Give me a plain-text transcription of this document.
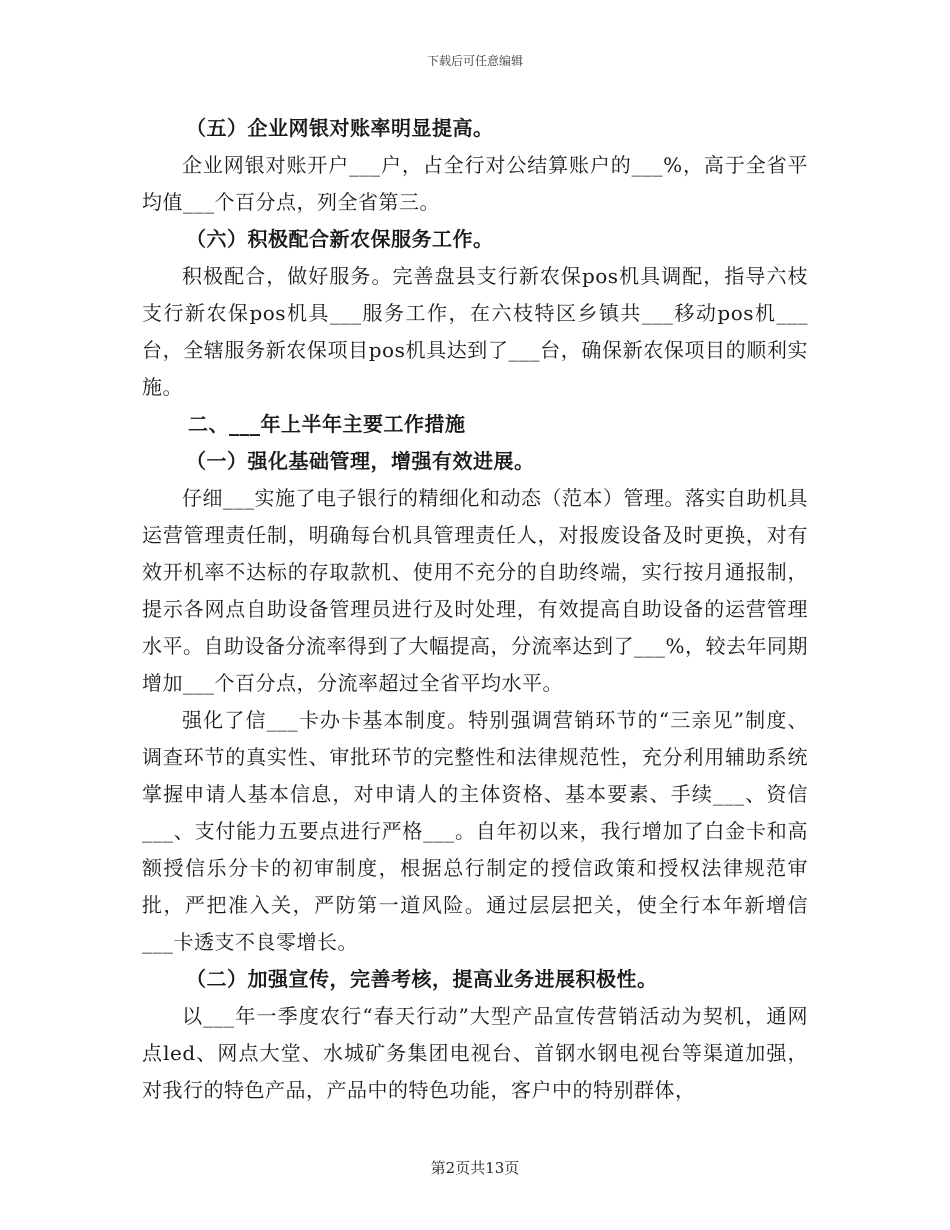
下载后可任意编辑

（五）企业网银对账率明显提高。

企业网银对账开户___户，占全行对公结算账户的___%，高于全省平均值___个百分点，列全省第三。

（六）积极配合新农保服务工作。

积极配合，做好服务。完善盘县支行新农保pos机具调配，指导六枝支行新农保pos机具___服务工作，在六枝特区乡镇共___移动pos机___台，全辖服务新农保项目pos机具达到了___台，确保新农保项目的顺利实施。

二、___年上半年主要工作措施

（一）强化基础管理，增强有效进展。

仔细___实施了电子银行的精细化和动态（范本）管理。落实自助机具运营管理责任制，明确每台机具管理责任人，对报废设备及时更换，对有效开机率不达标的存取款机、使用不充分的自助终端，实行按月通报制，提示各网点自助设备管理员进行及时处理，有效提高自助设备的运营管理水平。自助设备分流率得到了大幅提高，分流率达到了___%，较去年同期增加___个百分点，分流率超过全省平均水平。

强化了信___卡办卡基本制度。特别强调营销环节的“三亲见”制度、调查环节的真实性、审批环节的完整性和法律规范性，充分利用辅助系统掌握申请人基本信息，对申请人的主体资格、基本要素、手续___、资信___、支付能力五要点进行严格___。自年初以来，我行增加了白金卡和高额授信乐分卡的初审制度，根据总行制定的授信政策和授权法律规范审批，严把准入关，严防第一道风险。通过层层把关，使全行本年新增信___卡透支不良零增长。

（二）加强宣传，完善考核，提高业务进展积极性。

以___年一季度农行“春天行动”大型产品宣传营销活动为契机，通网点led、网点大堂、水城矿务集团电视台、首钢水钢电视台等渠道加强，对我行的特色产品，产品中的特色功能，客户中的特别群体，

第2页共13页
